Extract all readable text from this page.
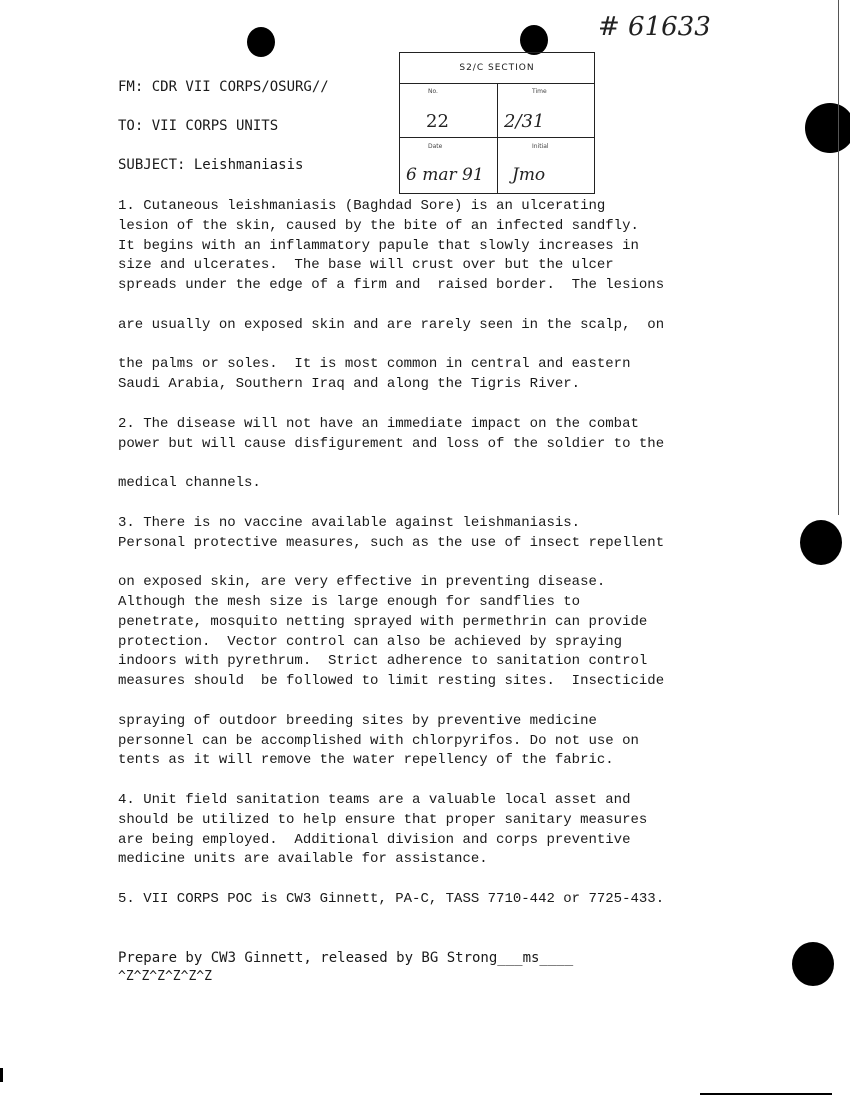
# 61633
FM: CDR VII CORPS/OSURG//
TO: VII CORPS UNITS
SUBJECT: Leishmaniasis
S2/C SECTION
No.	Time
22	2/31
Date	Initial
6 mar 91 Jmo
1. Cutaneous leishmaniasis (Baghdad Sore) is an ulcerating
lesion of the skin, caused by the bite of an infected sandfly.
It begins with an inflammatory papule that slowly increases in
size and ulcerates.  The base will crust over but the ulcer
spreads under the edge of a firm and  raised border.  The lesions

are usually on exposed skin and are rarely seen in the scalp,  on

the palms or soles.  It is most common in central and eastern
Saudi Arabia, Southern Iraq and along the Tigris River.

2. The disease will not have an immediate impact on the combat
power but will cause disfigurement and loss of the soldier to the

medical channels.

3. There is no vaccine available against leishmaniasis.
Personal protective measures, such as the use of insect repellent

on exposed skin, are very effective in preventing disease.
Although the mesh size is large enough for sandflies to
penetrate, mosquito netting sprayed with permethrin can provide
protection.  Vector control can also be achieved by spraying
indoors with pyrethrum.  Strict adherence to sanitation control
measures should  be followed to limit resting sites.  Insecticide

spraying of outdoor breeding sites by preventive medicine
personnel can be accomplished with chlorpyrifos. Do not use on
tents as it will remove the water repellency of the fabric.

4. Unit field sanitation teams are a valuable local asset and
should be utilized to help ensure that proper sanitary measures
are being employed.  Additional division and corps preventive
medicine units are available for assistance.

5. VII CORPS POC is CW3 Ginnett, PA-C, TASS 7710-442 or 7725-433.

Prepare by CW3 Ginnett, released by BG Strong___ms____
^Z^Z^Z^Z^Z^Z
